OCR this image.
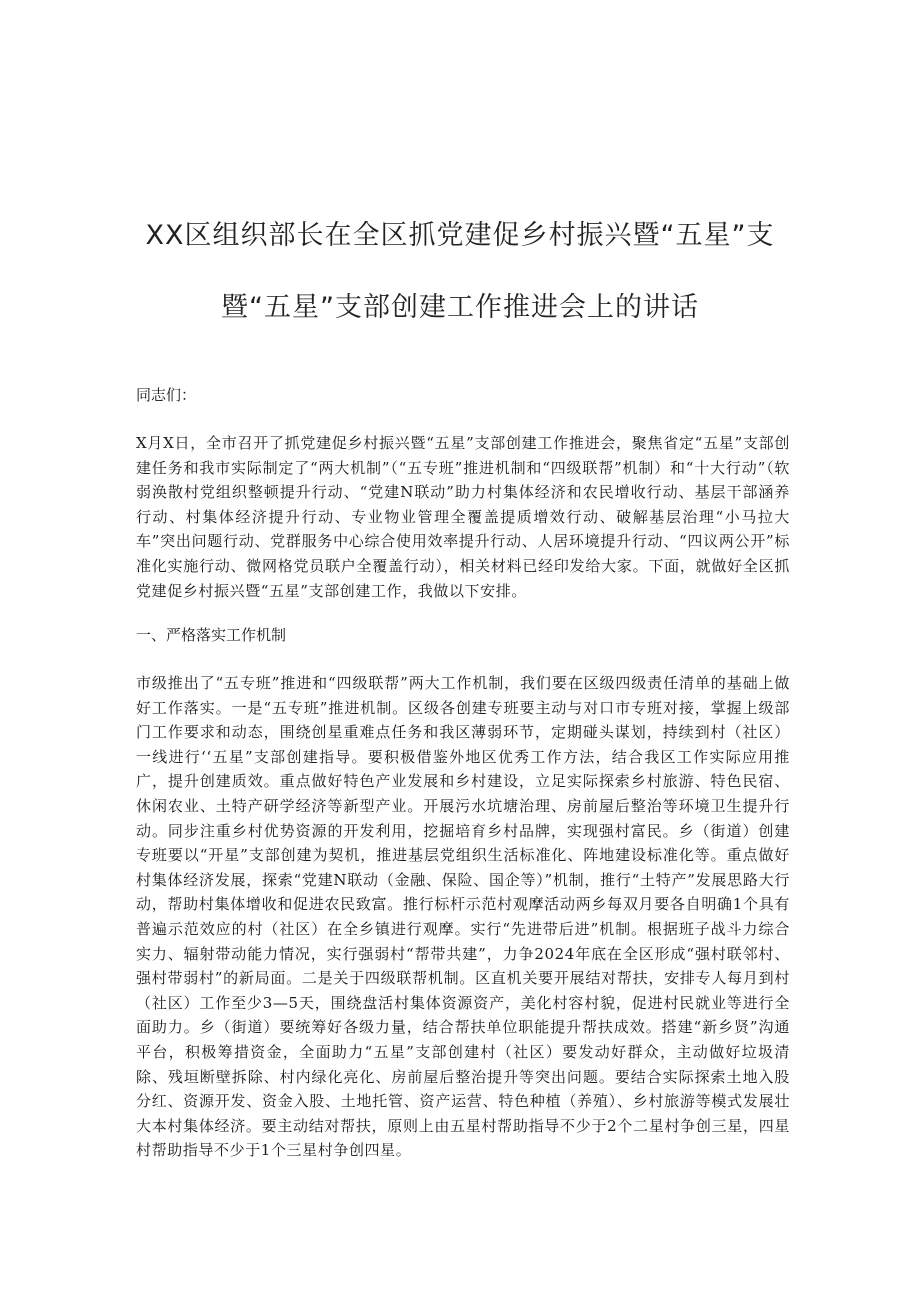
XX区组织部长在全区抓党建促乡村振兴暨“五星”支暨“五星”支部创建工作推进会上的讲话
同志们：

X月X日，全市召开了抓党建促乡村振兴暨“五星”支部创建工作推进会，聚焦省定“五星”支部创建任务和我市实际制定了“两大机制”（“五专班”推进机制和“四级联帮”机制）和“十大行动”（软弱涣散村党组织整顿提升行动、“党建N联动”助力村集体经济和农民增收行动、基层干部涵养行动、村集体经济提升行动、专业物业管理全覆盖提质增效行动、破解基层治理“小马拉大车”突出问题行动、党群服务中心综合使用效率提升行动、人居环境提升行动、“四议两公开”标准化实施行动、微网格党员联户全覆盖行动），相关材料已经印发给大家。下面，就做好全区抓党建促乡村振兴暨“五星”支部创建工作，我做以下安排。

一、严格落实工作机制

市级推出了“五专班”推进和“四级联帮”两大工作机制，我们要在区级四级责任清单的基础上做好工作落实。一是“五专班”推进机制。区级各创建专班要主动与对口市专班对接，掌握上级部门工作要求和动态，围绕创星重难点任务和我区薄弱环节，定期碰头谋划，持续到村（社区）一线进行‘‘五星”支部创建指导。要积极借鉴外地区优秀工作方法，结合我区工作实际应用推广，提升创建质效。重点做好特色产业发展和乡村建设，立足实际探索乡村旅游、特色民宿、休闲农业、土特产研学经济等新型产业。开展污水坑塘治理、房前屋后整治等环境卫生提升行动。同步注重乡村优势资源的开发利用，挖掘培育乡村品牌，实现强村富民。乡（街道）创建专班要以“开星”支部创建为契机，推进基层党组织生活标准化、阵地建设标准化等。重点做好村集体经济发展，探索“党建N联动（金融、保险、国企等）”机制，推行“土特产”发展思路大行动，帮助村集体增收和促进农民致富。推行标杆示范村观摩活动两乡每双月要各自明确1个具有普遍示范效应的村（社区）在全乡镇进行观摩。实行“先进带后进”机制。根据班子战斗力综合实力、辐射带动能力情况，实行强弱村“帮带共建”，力争2024年底在全区形成“强村联邻村、强村带弱村”的新局面。二是关于四级联帮机制。区直机关要开展结对帮扶，安排专人每月到村（社区）工作至少3—5天，围绕盘活村集体资源资产，美化村容村貌，促进村民就业等进行全面助力。乡（街道）要统筹好各级力量，结合帮扶单位职能提升帮扶成效。搭建“新乡贤”沟通平台，积极筹措资金，全面助力“五星”支部创建村（社区）要发动好群众，主动做好垃圾清除、残垣断壁拆除、村内绿化亮化、房前屋后整治提升等突出问题。要结合实际探索土地入股分红、资源开发、资金入股、土地托管、资产运营、特色种植（养殖）、乡村旅游等模式发展壮大本村集体经济。要主动结对帮扶，原则上由五星村帮助指导不少于2个二星村争创三星，四星村帮助指导不少于1个三星村争创四星。
